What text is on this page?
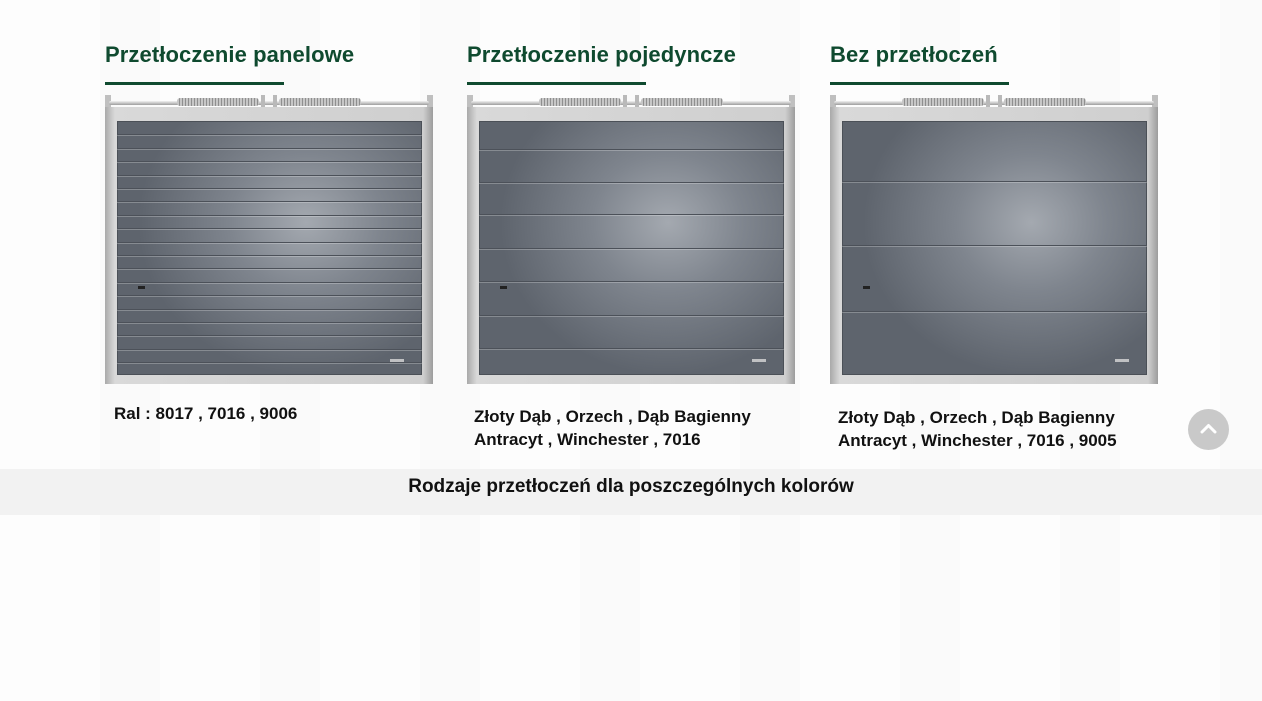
Przetłoczenie panelowe
Ral : 8017 , 7016 , 9006
Przetłoczenie pojedyncze
Złoty Dąb , Orzech , Dąb Bagienny
Antracyt , Winchester , 7016
Bez przetłoczeń
Złoty Dąb , Orzech , Dąb Bagienny
Antracyt , Winchester , 7016 , 9005
Rodzaje przetłoczeń dla poszczególnych kolorów
